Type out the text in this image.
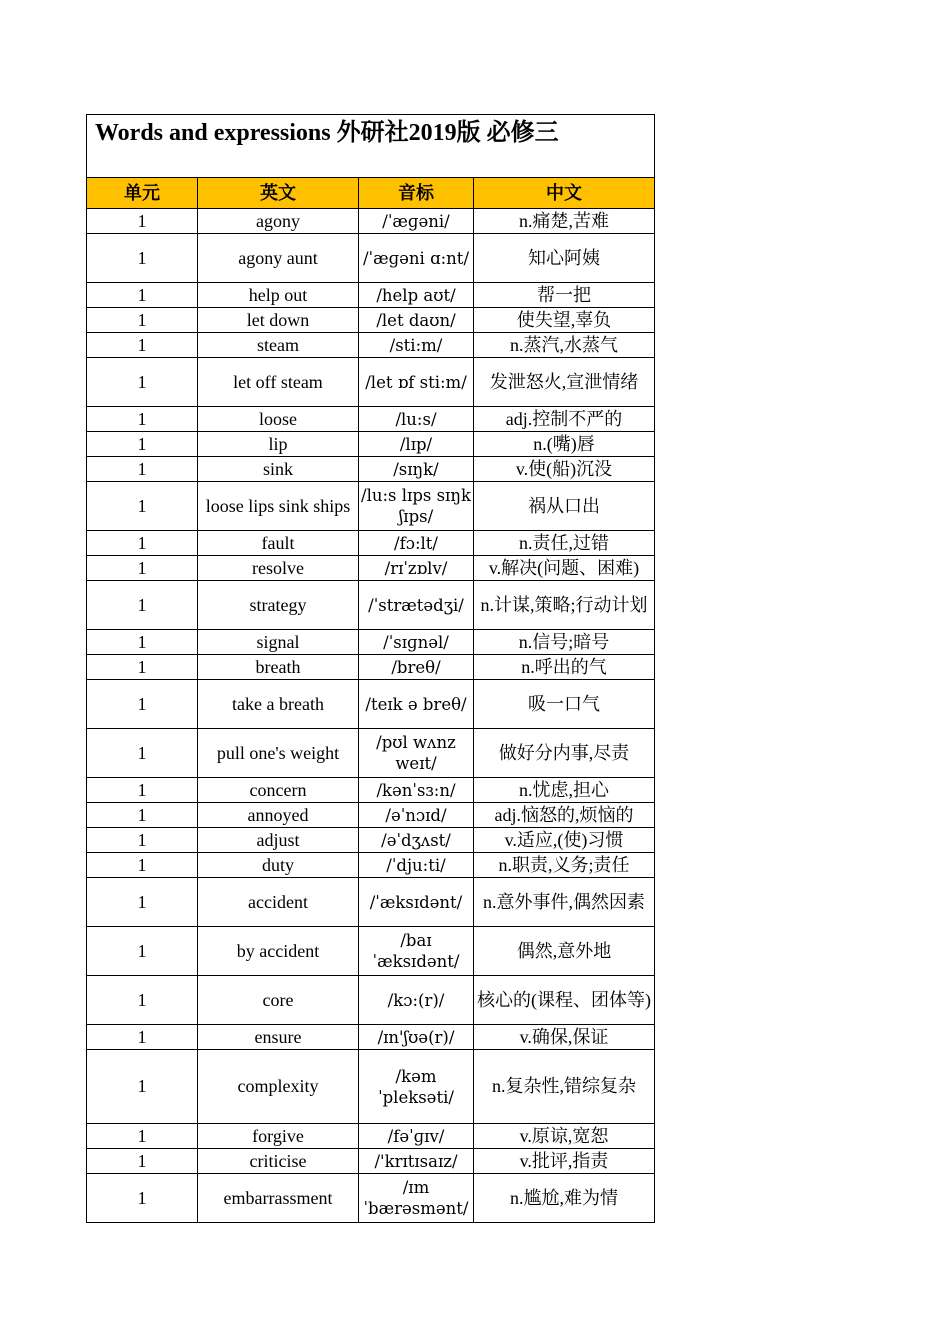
Words and expressions 外研社2019版 必修三			
单元	英文	音标	中文
1	agony	/ˈæɡəni/	n.痛楚,苦难
1	agony aunt	/ˈæɡəni ɑ:nt/	知心阿姨
1	help out	/help aʊt/	帮一把
1	let down	/let daʊn/	使失望,辜负
1	steam	/sti:m/	n.蒸汽,水蒸气
1	let off steam	/let ɒf sti:m/	发泄怒火,宣泄情绪
1	loose	/lu:s/	adj.控制不严的
1	lip	/lɪp/	n.(嘴)唇
1	sink	/sɪŋk/	v.使(船)沉没
1	loose lips sink ships	/lu:s lɪps sɪŋk ʃɪps/	祸从口出
1	fault	/fɔ:lt/	n.责任,过错
1	resolve	/rɪˈzɒlv/	v.解决(问题、困难)
1	strategy	/ˈstrætədʒi/	n.计谋,策略;行动计划
1	signal	/ˈsɪɡnəl/	n.信号;暗号
1	breath	/breθ/	n.呼出的气
1	take a breath	/teɪk ə breθ/	吸一口气
1	pull one's weight	/pʊl wʌnz weɪt/	做好分内事,尽责
1	concern	/kənˈsɜ:n/	n.忧虑,担心
1	annoyed	/əˈnɔɪd/	adj.恼怒的,烦恼的
1	adjust	/əˈdʒʌst/	v.适应,(使)习惯
1	duty	/ˈdju:ti/	n.职责,义务;责任
1	accident	/ˈæksɪdənt/	n.意外事件,偶然因素
1	by accident	/baɪ ˈæksɪdənt/	偶然,意外地
1	core	/kɔ:(r)/	核心的(课程、团体等)
1	ensure	/ɪn'ʃʊə(r)/	v.确保,保证
1	complexity	/kəmˈpleksəti/	n.复杂性,错综复杂
1	forgive	/fəˈɡɪv/	v.原谅,宽恕
1	criticise	/'krɪtɪsaɪz/	v.批评,指责
1	embarrassment	/ɪmˈbærəsmənt/	n.尴尬,难为情
